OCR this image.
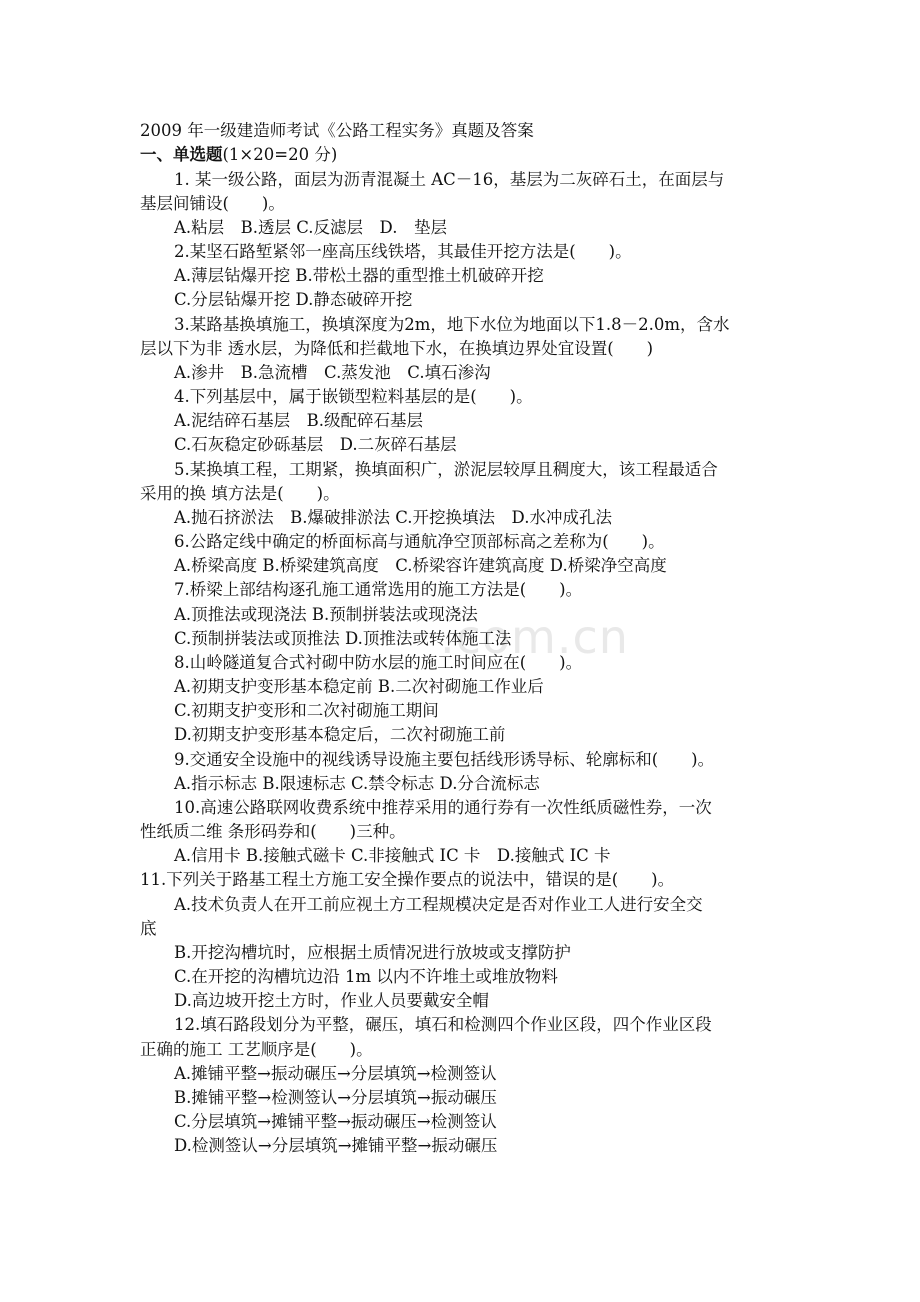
.com.cn
2009 年一级建造师考试《公路工程实务》真题及答案
一、单选题(1×20=20 分)
1. 某一级公路，面层为沥青混凝土 AC－16，基层为二灰碎石土，在面层与
基层间铺设(　　)。
A.粘层　B.透层 C.反滤层　D.　垫层
2.某坚石路堑紧邻一座高压线铁塔，其最佳开挖方法是(　　)。
A.薄层钻爆开挖 B.带松土器的重型推土机破碎开挖
C.分层钻爆开挖 D.静态破碎开挖
3.某路基换填施工，换填深度为2m，地下水位为地面以下1.8－2.0m，含水
层以下为非 透水层，为降低和拦截地下水，在换填边界处宜设置(　　)
A.渗井　B.急流槽　C.蒸发池　C.填石渗沟
4.下列基层中，属于嵌锁型粒料基层的是(　　)。
A.泥结碎石基层　B.级配碎石基层
C.石灰稳定砂砾基层　D.二灰碎石基层
5.某换填工程，工期紧，换填面积广，淤泥层较厚且稠度大，该工程最适合
采用的换 填方法是(　　)。
A.抛石挤淤法　B.爆破排淤法 C.开挖换填法　D.水冲成孔法
6.公路定线中确定的桥面标高与通航净空顶部标高之差称为(　　)。
A.桥梁高度 B.桥梁建筑高度　C.桥梁容许建筑高度 D.桥梁净空高度
7.桥梁上部结构逐孔施工通常选用的施工方法是(　　)。
A.顶推法或现浇法 B.预制拼装法或现浇法
C.预制拼装法或顶推法 D.顶推法或转体施工法
8.山岭隧道复合式衬砌中防水层的施工时间应在(　　)。
A.初期支护变形基本稳定前 B.二次衬砌施工作业后
C.初期支护变形和二次衬砌施工期间
D.初期支护变形基本稳定后，二次衬砌施工前
9.交通安全设施中的视线诱导设施主要包括线形诱导标、轮廓标和(　　)。
A.指示标志 B.限速标志 C.禁令标志 D.分合流标志
10.高速公路联网收费系统中推荐采用的通行券有一次性纸质磁性券，一次
性纸质二维 条形码券和(　　)三种。
A.信用卡 B.接触式磁卡 C.非接触式 IC 卡　D.接触式 IC 卡
11.下列关于路基工程土方施工安全操作要点的说法中，错误的是(　　)。
A.技术负责人在开工前应视土方工程规模决定是否对作业工人进行安全交
底
B.开挖沟槽坑时，应根据土质情况进行放坡或支撑防护
C.在开挖的沟槽坑边沿 1m 以内不许堆土或堆放物料
D.高边坡开挖土方时，作业人员要戴安全帽
12.填石路段划分为平整，碾压，填石和检测四个作业区段，四个作业区段
正确的施工 工艺顺序是(　　)。
A.摊铺平整→振动碾压→分层填筑→检测签认
B.摊铺平整→检测签认→分层填筑→振动碾压
C.分层填筑→摊铺平整→振动碾压→检测签认
D.检测签认→分层填筑→摊铺平整→振动碾压
